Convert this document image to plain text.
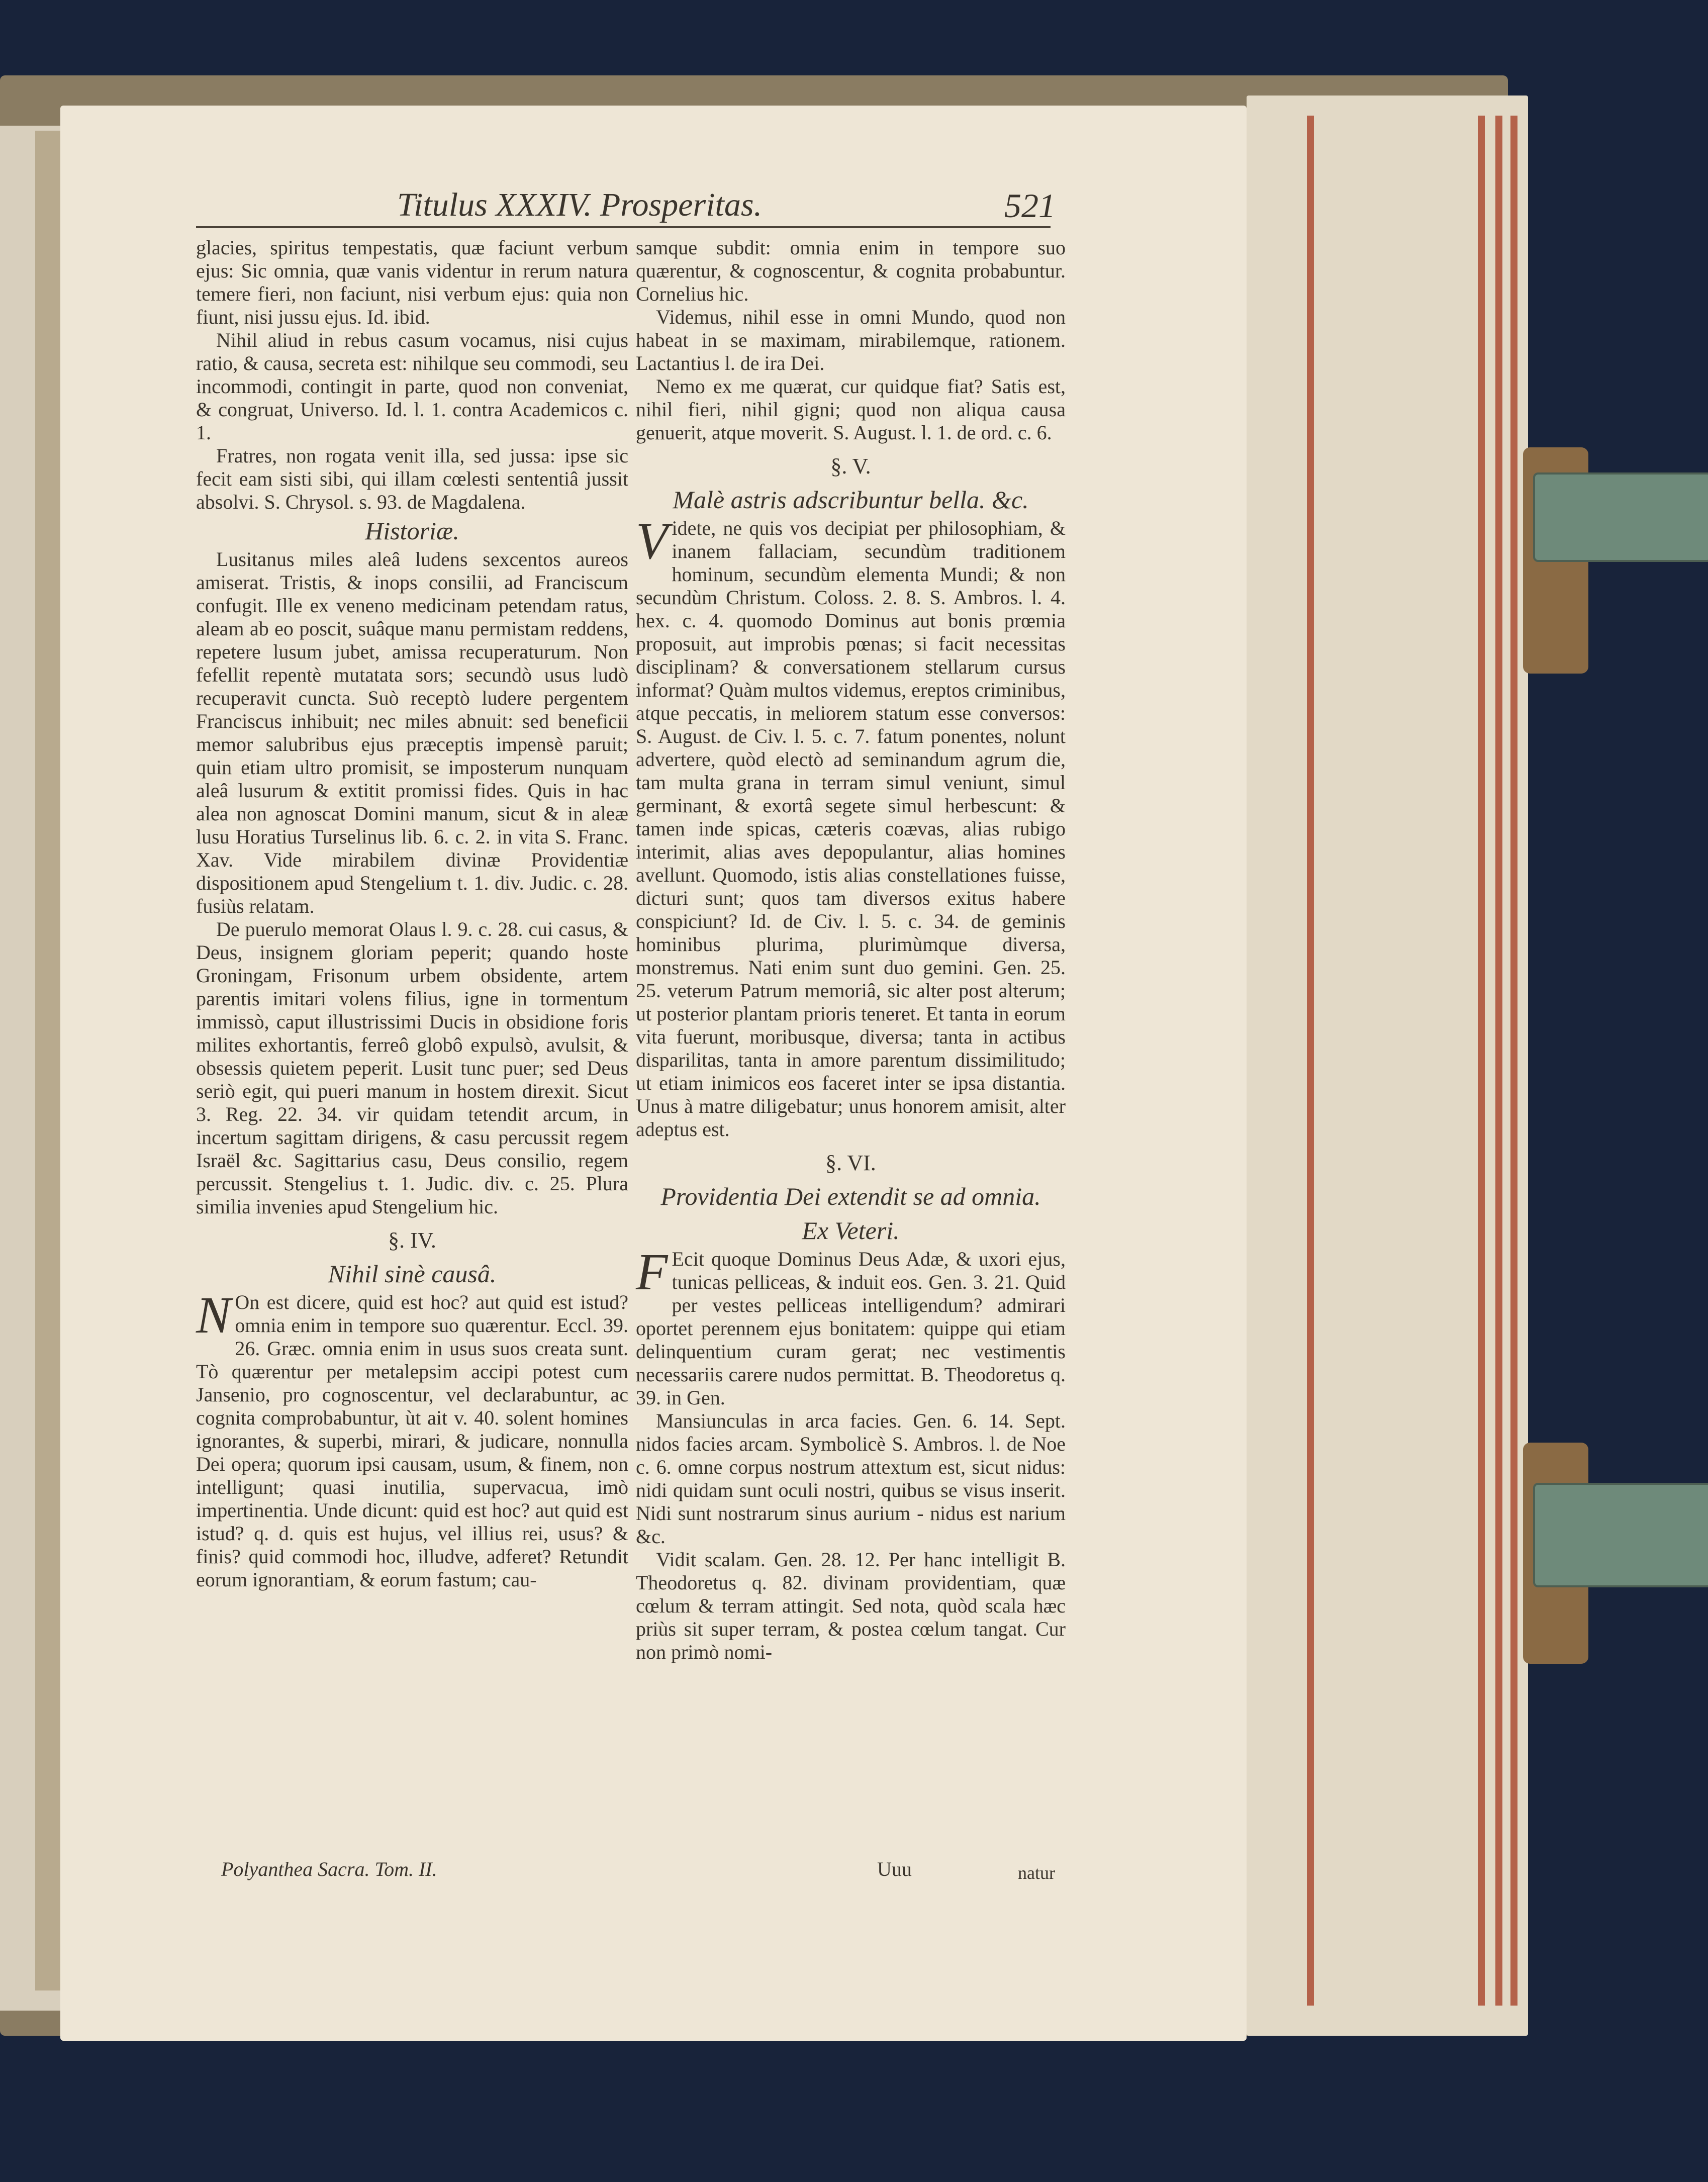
Titulus XXXIV. Prosperitas.	521

glacies, spiritus tempestatis, quæ faciunt verbum ejus: Sic omnia, quæ vanis videntur in rerum natura temere fieri, non faciunt, nisi verbum ejus: quia non fiunt, nisi jussu ejus. Id. ibid.

Nihil aliud in rebus casum vocamus, nisi cujus ratio, & causa, secreta est: nihilque seu commodi, seu incommodi, contingit in parte, quod non conveniat, & congruat, Universo. Id. l. 1. contra Academicos c. 1.

Fratres, non rogata venit illa, sed jussa: ipse sic fecit eam sisti sibi, qui illam cœlesti sententiâ jussit absolvi. S. Chrysol. s. 93. de Magdalena.

Historiæ.

Lusitanus miles aleâ ludens sexcentos aureos amiserat. Tristis, & inops consilii, ad Franciscum confugit. Ille ex veneno medicinam petendam ratus, aleam ab eo poscit, suâque manu permistam reddens, repetere lusum jubet, amissa recuperaturum. Non fefellit repentè mutatata sors; secundò usus ludò recuperavit cuncta. Suò receptò ludere pergentem Franciscus inhibuit; nec miles abnuit: sed beneficii memor salubribus ejus præceptis impensè paruit; quin etiam ultro promisit, se imposterum nunquam aleâ lusurum & extitit promissi fides. Quis in hac alea non agnoscat Domini manum, sicut & in aleæ lusu Horatius Turselinus lib. 6. c. 2. in vita S. Franc. Xav. Vide mirabilem divinæ Providentiæ dispositionem apud Stengelium t. 1. div. Judic. c. 28. fusiùs relatam.

De puerulo memorat Olaus l. 9. c. 28. cui casus, & Deus, insignem gloriam peperit; quando hoste Groningam, Frisonum urbem obsidente, artem parentis imitari volens filius, igne in tormentum immissò, caput illustrissimi Ducis in obsidione foris milites exhortantis, ferreô globô expulsò, avulsit, & obsessis quietem peperit. Lusit tunc puer; sed Deus seriò egit, qui pueri manum in hostem direxit. Sicut 3. Reg. 22. 34. vir quidam tetendit arcum, in incertum sagittam dirigens, & casu percussit regem Israël &c. Sagittarius casu, Deus consilio, regem percussit. Stengelius t. 1. Judic. div. c. 25. Plura similia invenies apud Stengelium hic.

§. IV.

Nihil sinè causâ.

N On est dicere, quid est hoc? aut quid est istud? omnia enim in tempore suo quærentur. Eccl. 39. 26. Græc. omnia enim in usus suos creata sunt. Tò quærentur per metalepsim accipi potest cum Jansenio, pro cognoscentur, vel declarabuntur, ac cognita comprobabuntur, ùt ait v. 40. solent homines ignorantes, & superbi, mirari, & judicare, nonnulla Dei opera; quorum ipsi causam, usum, & finem, non intelligunt; quasi inutilia, supervacua, imò impertinentia. Unde dicunt: quid est hoc? aut quid est istud? q. d. quis est hujus, vel illius rei, usus? & finis? quid commodi hoc, illudve, adferet? Retundit eorum ignorantiam, & eorum fastum; cau-

samque subdit: omnia enim in tempore suo quærentur, & cognoscentur, & cognita probabuntur. Cornelius hic.

Videmus, nihil esse in omni Mundo, quod non habeat in se maximam, mirabilemque, rationem. Lactantius l. de ira Dei.

Nemo ex me quærat, cur quidque fiat? Satis est, nihil fieri, nihil gigni; quod non aliqua causa genuerit, atque moverit. S. August. l. 1. de ord. c. 6.

§. V.

Malè astris adscribuntur bella. &c.

Videte, ne quis vos decipiat per philosophiam, & inanem fallaciam, secundùm traditionem hominum, secundùm elementa Mundi; & non secundùm Christum. Coloss. 2. 8. S. Ambros. l. 4. hex. c. 4. quomodo Dominus aut bonis prœmia proposuit, aut improbis pœnas; si facit necessitas disciplinam? & conversationem stellarum cursus informat? Quàm multos videmus, ereptos criminibus, atque peccatis, in meliorem statum esse conversos: S. August. de Civ. l. 5. c. 7. fatum ponentes, nolunt advertere, quòd electò ad seminandum agrum die, tam multa grana in terram simul veniunt, simul germinant, & exortâ segete simul herbescunt: & tamen inde spicas, cæteris coævas, alias rubigo interimit, alias aves depopulantur, alias homines avellunt. Quomodo, istis alias constellationes fuisse, dicturi sunt; quos tam diversos exitus habere conspiciunt? Id. de Civ. l. 5. c. 34. de geminis hominibus plurima, plurimùmque diversa, monstremus. Nati enim sunt duo gemini. Gen. 25. 25. veterum Patrum memoriâ, sic alter post alterum; ut posterior plantam prioris teneret. Et tanta in eorum vita fuerunt, moribusque, diversa; tanta in actibus disparilitas, tanta in amore parentum dissimilitudo; ut etiam inimicos eos faceret inter se ipsa distantia. Unus à matre diligebatur; unus honorem amisit, alter adeptus est.

§. VI.

Providentia Dei extendit se ad omnia.

Ex Veteri.

F Ecit quoque Dominus Deus Adæ, & uxori ejus, tunicas pelliceas, & induit eos. Gen. 3. 21. Quid per vestes pelliceas intelligendum? admirari oportet perennem ejus bonitatem: quippe qui etiam delinquentium curam gerat; nec vestimentis necessariis carere nudos permittat. B. Theodoretus q. 39. in Gen.

Mansiunculas in arca facies. Gen. 6. 14. Sept. nidos facies arcam. Symbolicè S. Ambros. l. de Noe c. 6. omne corpus nostrum attextum est, sicut nidus: nidi quidam sunt oculi nostri, quibus se visus inserit. Nidi sunt nostrarum sinus aurium - nidus est narium &c.

Vidit scalam. Gen. 28. 12. Per hanc intelligit B. Theodoretus q. 82. divinam providentiam, quæ cœlum & terram attingit. Sed nota, quòd scala hæc priùs sit super terram, & postea cœlum tangat. Cur non primò nomi-

Polyanthea Sacra. Tom. II.	Uuu	natur
